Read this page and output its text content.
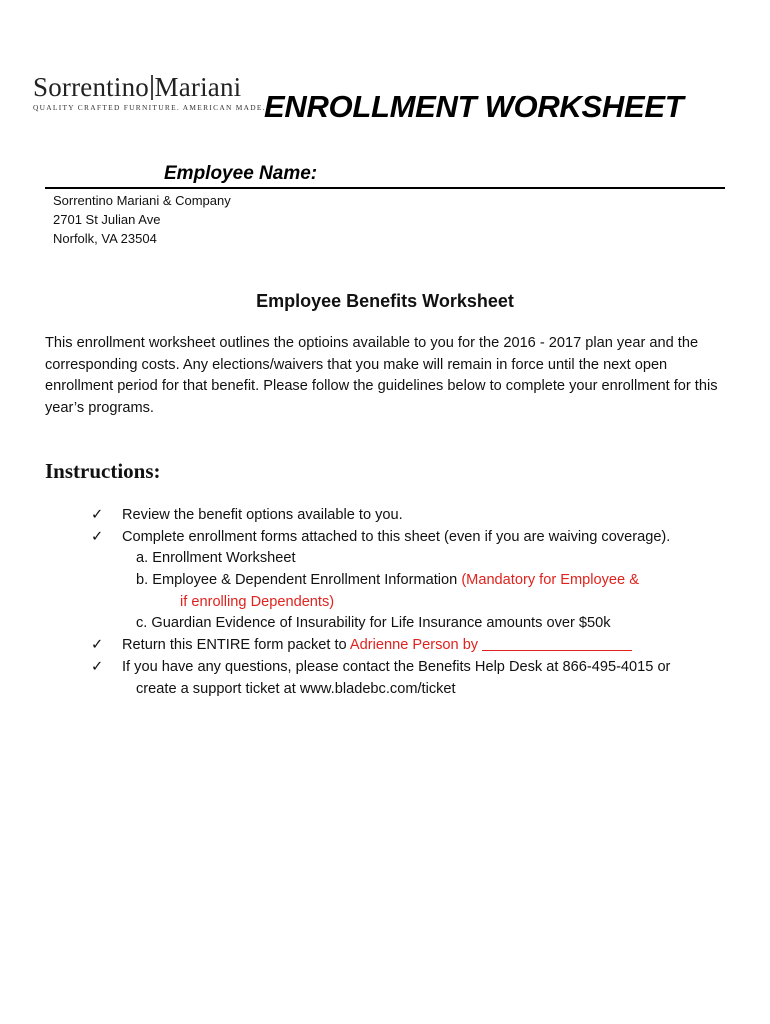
Sorrentino Mariani
QUALITY CRAFTED FURNITURE. AMERICAN MADE.
ENROLLMENT WORKSHEET
Employee Name:
Sorrentino Mariani & Company
2701 St Julian Ave
Norfolk, VA 23504
Employee Benefits Worksheet
This enrollment worksheet outlines the optioins available to you for the 2016 - 2017 plan year and the corresponding costs. Any elections/waivers that you make will remain in force until the next open enrollment period for that benefit. Please follow the guidelines below to complete your enrollment for this year’s programs.
Instructions:
✓ Review the benefit options available to you.
✓ Complete enrollment forms attached to this sheet (even if you are waiving coverage).
a. Enrollment Worksheet
b. Employee & Dependent Enrollment Information (Mandatory for Employee &
if enrolling Dependents)
c. Guardian Evidence of Insurability for Life Insurance amounts over $50k
✓ Return this ENTIRE form packet to Adrienne Person by
✓ If you have any questions, please contact the Benefits Help Desk at 866-495-4015 or
create a support ticket at www.bladebc.com/ticket
